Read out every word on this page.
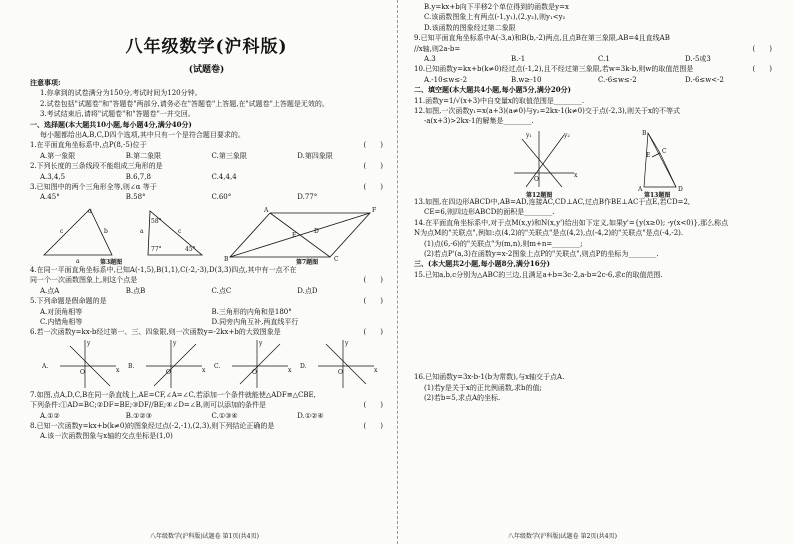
八年级数学(沪科版)
(试题卷)
注意事项:
1.你拿到的试卷满分为150分,考试时间为120分钟。
2.试卷包括"试题卷"和"答题卷"两部分,请务必在"答题卷"上答题,在"试题卷"上答题是无效的。
3.考试结束后,请将"试题卷"和"答题卷"一并交回。
一、选择题(本大题共10小题,每小题4分,满分40分)
每小题都给出A,B,C,D四个选项,其中只有一个是符合题目要求的。
1.在平面直角坐标系中,点P(8,-5)位于	(　　)
A.第一象限	B.第二象限	C.第三象限	D.第四象限
2.下列长度的三条线段不能组成三角形的是	(　　)
A.3,4,5	B.6,7,8	C.4,4,4
3.已知图中的两个三角形全等,则∠α 等于	(　　)
A.45°	B.58°	C.60°	D.77°
α
c	b
a
58°
77°	45°
a	c
A	F
C
B
E
D
第3题图	第7题图
4.在同一平面直角坐标系中,已知A(-1,5),B(1,1),C(-2,-3),D(3,3)四点,其中有一点不在
同一个一次函数图象上,则这个点是	(　　)
A.点A	B.点B	C.点C	D.点D
5.下列命题是假命题的是	(　　)
A.对顶角相等	B.三角形的内角和是180°
C.内错角相等	D.同旁内角互补,两直线平行
6.若一次函数y=kx-b经过第一、三、四象限,则一次函数y=-2kx+b的大致图象是	(　　)
A.	B.	C.	D.
O	x
y
O	x
y
O	x
y
O	x
y
7.如图,点A,D,C,B在同一条直线上,AE=CF,∠A=∠C,若添加一个条件就能使△ADF≌△CBE,
下列条件:①AD=BC;②DF=BE;③DF//BE;④∠D=∠B,则可以添加的条件是	(　　)
A.①②	B.①②③	C.①③④	D.①②④
8.已知一次函数y=kx+b(k≠0)的图象经过点(-2,-1),(2,3),则下列结论正确的是	(　　)
A.该一次函数图象与x轴的交点坐标是(1,0)
八年级数学(沪科版)试题卷 第1页(共4页)
B.y=kx+b向下平移2个单位得到的函数是y=x
C.该函数图象上有两点(-1,y₁),(2,y₂),则y₁<y₂
D.该函数的图象经过第二象限
9.已知平面直角坐标系中A(-3,a)和B(b,-2)两点,且点B在第三象限,AB=4且直线AB
//x轴,则2a-b=	(　　)
A.3	B.-1	C.1	D.-5或3
10.已知函数y=kx+b(k≠0)经过点(-1,2),且不经过第三象限,若w=3k-b,则w的取值范围是	(　　)
A.-10≤w≤-2	B.w≥-10	C.-6≤w≤-2	D.-6≤w<-2
二、填空题(本大题共4小题,每小题5分,满分20分)
11.函数y=1/√(x+3)中自变量x的取值范围是________.
12.如图,一次函数y₁=x(a+3)(a≠0)与y₂=2kx-1(k≠0)交于点(-2,3),则关于x的不等式
-a(x+3)>2kx-1的解集是________.
y₁	y₂
O
x
B
A	D
C
E
第12题图	第13题图
13.如图,在四边形ABCD中,AB=AD,连接AC,CD⊥AC,过点B作BE⊥AC于点E,若CD=2,
CE=6,则四边形ABCD的面积是________.
14.在平面直角坐标系中,对于点M(x,y)和N(x,y')给出如下定义,如果y'={y(x≥0); -y(x<0)},那么称点
N为点M的"关联点",例如:点(4,2)的"关联点"是点(4,2),点(-4,2)的"关联点"是点(-4,-2).
(1)点(6,-6)的"关联点"为(m,n),则m+n=________;
(2)若点P'(a,3)在函数y=x-2图象上点P的"关联点",则点P的坐标为________.
三、(本大题共2小题,每小题8分,满分16分)
15.已知a,b,c分别为△ABC的三边,且满足a+b=3c-2,a-b=2c-6,求c的取值范围.
16.已知函数y=3x-b-1(b为常数),与x轴交于点A.
(1)若y是关于x的正比例函数,求b的值;
(2)若b=5,求点A的坐标.
八年级数学(沪科版)试题卷 第2页(共4页)
